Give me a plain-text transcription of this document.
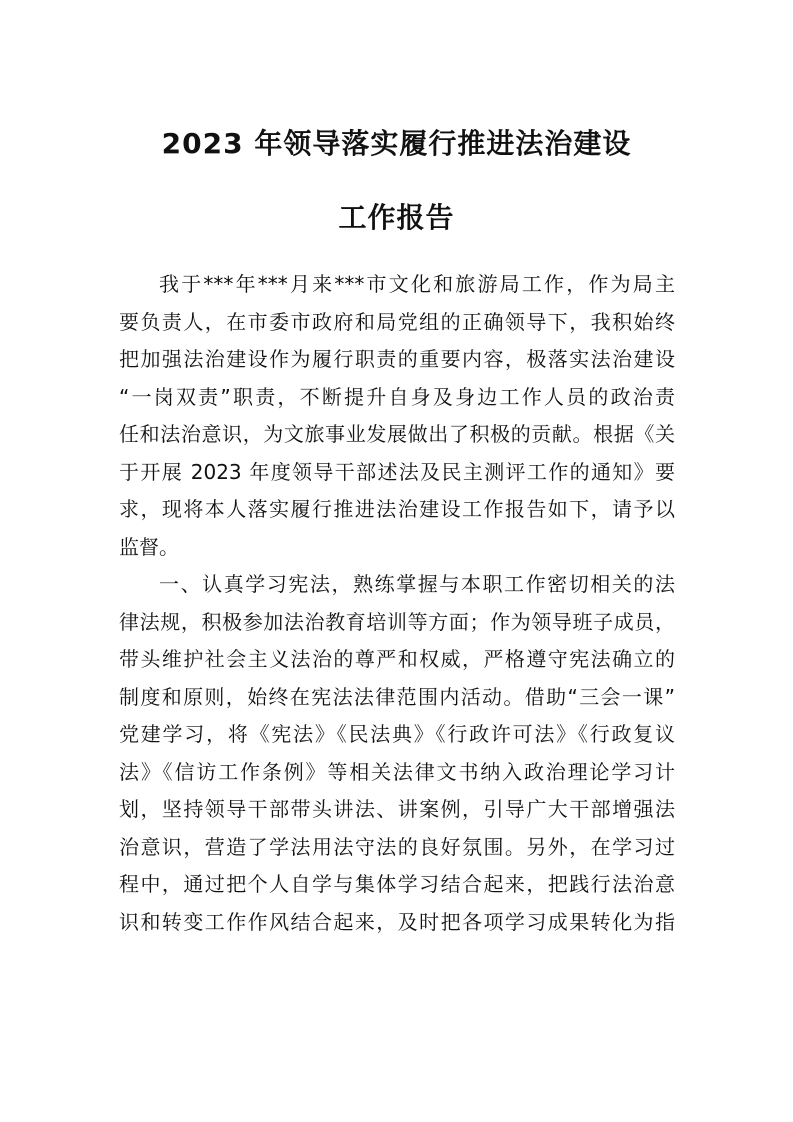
2023 年领导落实履行推进法治建设
工作报告
我于***年***月来***市文化和旅游局工作，作为局主
要负责人，在市委市政府和局党组的正确领导下，我积始终
把加强法治建设作为履行职责的重要内容，极落实法治建设
“一岗双责”职责，不断提升自身及身边工作人员的政治责
任和法治意识，为文旅事业发展做出了积极的贡献。根据《关
于开展 2023 年度领导干部述法及民主测评工作的通知》要
求，现将本人落实履行推进法治建设工作报告如下，请予以
监督。
一、认真学习宪法，熟练掌握与本职工作密切相关的法
律法规，积极参加法治教育培训等方面；作为领导班子成员，
带头维护社会主义法治的尊严和权威，严格遵守宪法确立的
制度和原则，始终在宪法法律范围内活动。借助“三会一课”
党建学习，将《宪法》《民法典》《行政许可法》《行政复议
法》《信访工作条例》等相关法律文书纳入政治理论学习计
划，坚持领导干部带头讲法、讲案例，引导广大干部增强法
治意识，营造了学法用法守法的良好氛围。另外，在学习过
程中，通过把个人自学与集体学习结合起来，把践行法治意
识和转变工作作风结合起来，及时把各项学习成果转化为指
